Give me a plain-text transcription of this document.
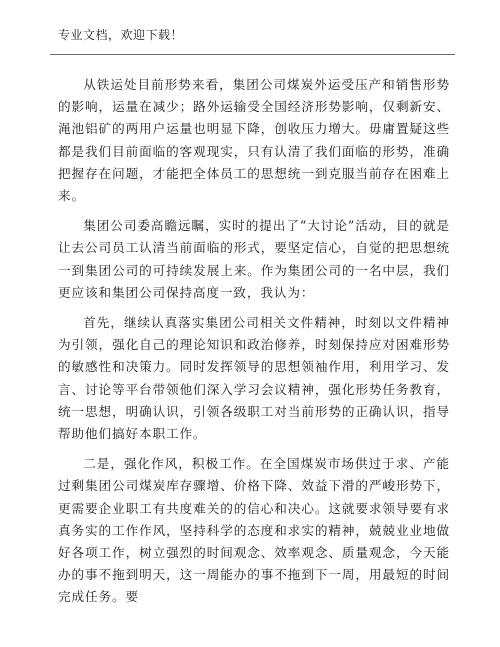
专业文档，欢迎下载！

从铁运处目前形势来看，集团公司煤炭外运受压产和销售形势的影响，运量在减少；路外运输受全国经济形势影响，仅剩新安、渑池铝矿的两用户运量也明显下降，创收压力增大。毋庸置疑这些都是我们目前面临的客观现实，只有认清了我们面临的形势，准确把握存在问题，才能把全体员工的思想统一到克服当前存在困难上来。

集团公司委高瞻远瞩，实时的提出了“大讨论”活动，目的就是让去公司员工认清当前面临的形式，要坚定信心，自觉的把思想统一到集团公司的可持续发展上来。作为集团公司的一名中层，我们更应该和集团公司保持高度一致，我认为：

首先，继续认真落实集团公司相关文件精神，时刻以文件精神为引领，强化自己的理论知识和政治修养，时刻保持应对困难形势的敏感性和决策力。同时发挥领导的思想领袖作用，利用学习、发言、讨论等平台带领他们深入学习会议精神，强化形势任务教育，统一思想，明确认识，引领各级职工对当前形势的正确认识，指导帮助他们搞好本职工作。

二是，强化作风，积极工作。在全国煤炭市场供过于求、产能过剩集团公司煤炭库存骤增、价格下降、效益下滑的严峻形势下，更需要企业职工有共度难关的的信心和决心。这就要求领导要有求真务实的工作作风，坚持科学的态度和求实的精神，兢兢业业地做好各项工作，树立强烈的时间观念、效率观念、质量观念，今天能办的事不拖到明天，这一周能办的事不拖到下一周，用最短的时间完成任务。要
